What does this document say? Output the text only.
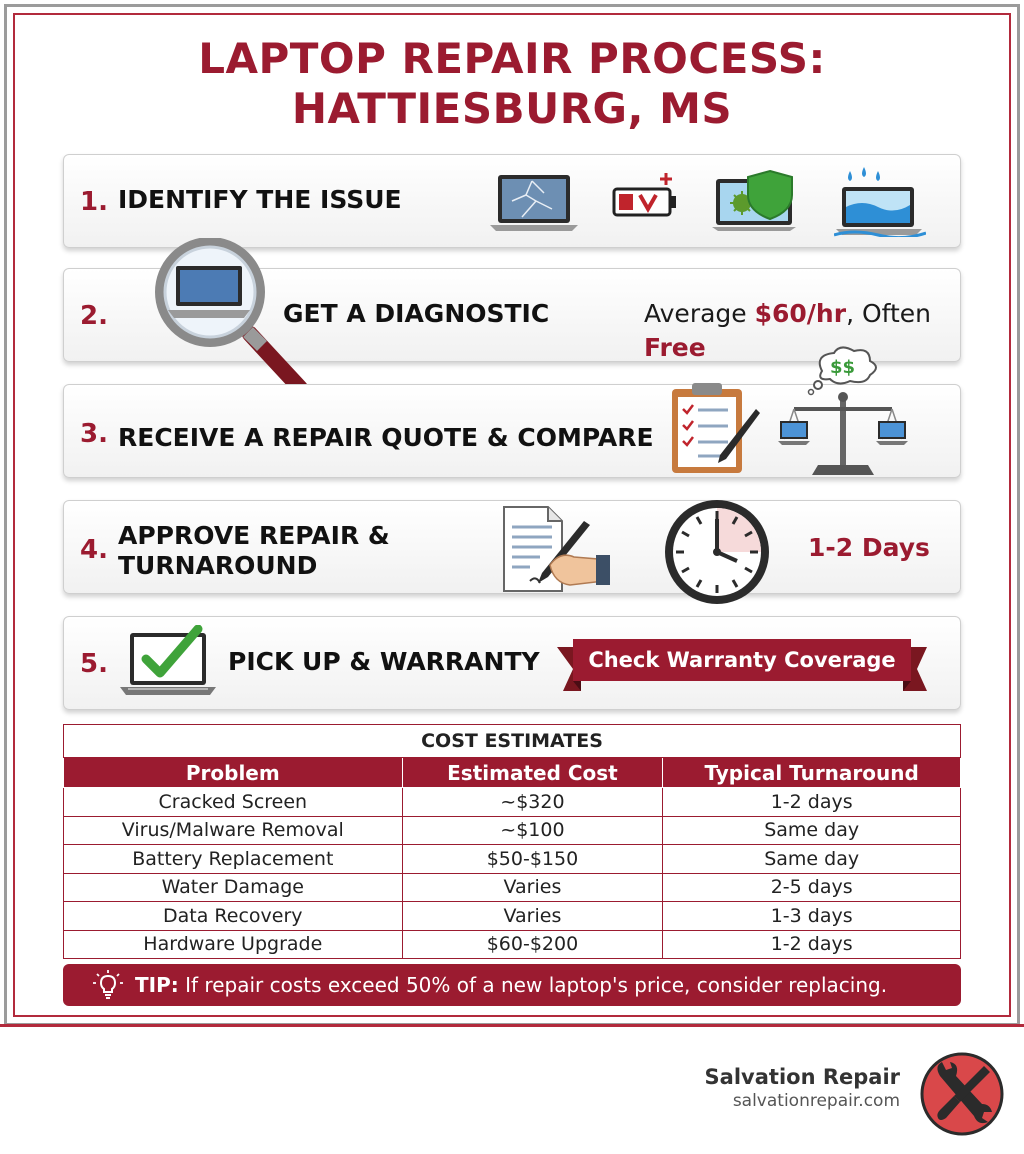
LAPTOP REPAIR PROCESS:
HATTIESBURG, MS
1. IDENTIFY THE ISSUE
2.	GET A DIAGNOSTIC	Average $60/hr, Often Free
3. RECEIVE A REPAIR QUOTE & COMPARE
$$
4. APPROVE REPAIR &
TURNAROUND
1-2 Days
5.	PICK UP & WARRANTY	Check Warranty Coverage
COST ESTIMATES		
Problem	Estimated Cost	Typical Turnaround
Cracked Screen	~$320	1-2 days
Virus/Malware Removal	~$100	Same day
Battery Replacement	$50-$150	Same day
Water Damage	Varies	2-5 days
Data Recovery	Varies	1-3 days
Hardware Upgrade	$60-$200	1-2 days
TIP: If repair costs exceed 50% of a new laptop's price, consider replacing.
Salvation Repair
salvationrepair.com
